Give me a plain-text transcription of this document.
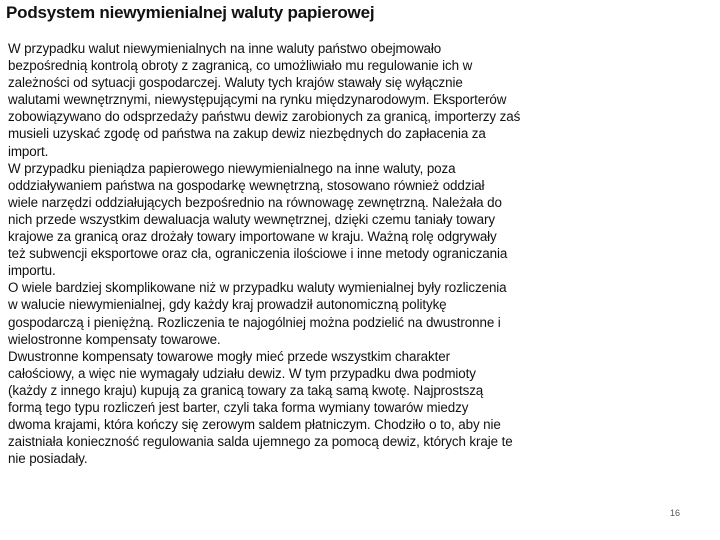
Podsystem niewymienialnej waluty papierowej
W przypadku walut niewymienialnych na inne waluty państwo obejmowało
bezpośrednią kontrolą obroty z zagranicą, co umożliwiało mu regulowanie ich w
zależności od sytuacji gospodarczej. Waluty tych krajów stawały się wyłącznie
walutami wewnętrznymi, niewystępującymi na rynku międzynarodowym. Eksporterów
zobowiązywano do odsprzedaży państwu dewiz zarobionych za granicą, importerzy zaś
musieli uzyskać zgodę od państwa na zakup dewiz niezbędnych do zapłacenia za
import.
W przypadku pieniądza papierowego niewymienialnego na inne waluty, poza
oddziaływaniem państwa na gospodarkę wewnętrzną, stosowano również oddział
wiele narzędzi oddziałujących bezpośrednio na równowagę zewnętrzną. Należała do
nich przede wszystkim dewaluacja waluty wewnętrznej, dzięki czemu taniały towary
krajowe za granicą oraz drożały towary importowane w kraju. Ważną rolę odgrywały
też subwencji eksportowe oraz cła, ograniczenia ilościowe i inne metody ograniczania
importu.
O wiele bardziej skomplikowane niż w przypadku waluty wymienialnej były rozliczenia
w walucie niewymienialnej, gdy każdy kraj prowadził autonomiczną politykę
gospodarczą i pieniężną. Rozliczenia te najogólniej można podzielić na dwustronne i
wielostronne kompensaty towarowe.
Dwustronne kompensaty towarowe mogły mieć przede wszystkim charakter
całościowy, a więc nie wymagały udziału dewiz. W tym przypadku dwa podmioty
(każdy z innego kraju) kupują za granicą towary za taką samą kwotę. Najprostszą
formą tego typu rozliczeń jest barter, czyli taka forma wymiany towarów miedzy
dwoma krajami, która kończy się zerowym saldem płatniczym. Chodziło o to, aby nie
zaistniała konieczność regulowania salda ujemnego za pomocą dewiz, których kraje te
nie posiadały.
16
